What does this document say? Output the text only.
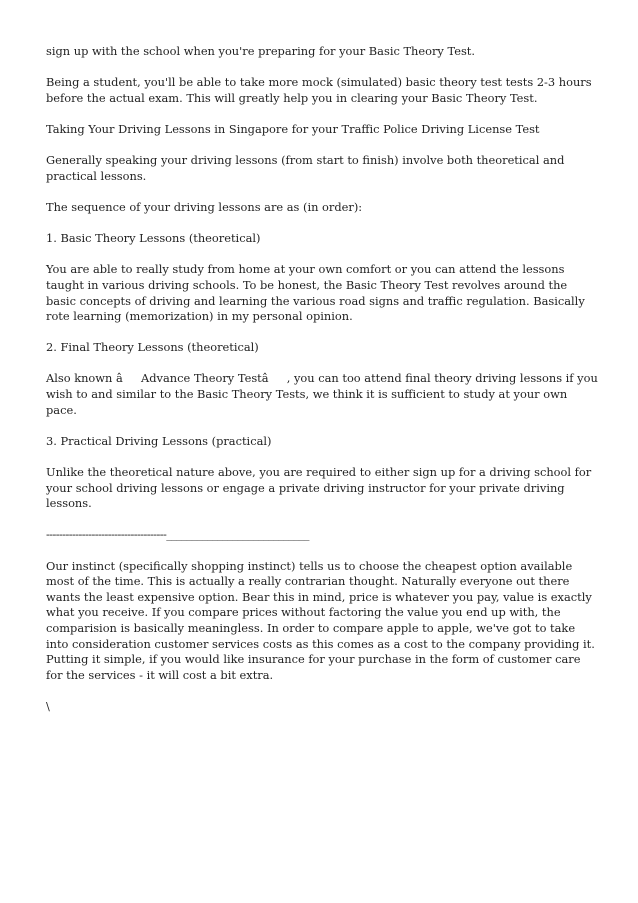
sign up with the school when you're preparing for your Basic Theory Test.

Being a student, you'll be able to take more mock (simulated) basic theory test tests 2-3 hours before the actual exam. This will greatly help you in clearing your Basic Theory Test.

Taking Your Driving Lessons in Singapore for your Traffic Police Driving License Test

Generally speaking your driving lessons (from start to finish) involve both theoretical and practical lessons.

The sequence of your driving lessons are as (in order):

1. Basic Theory Lessons (theoretical)

You are able to really study from home at your own comfort or you can attend the lessons taught in various driving schools. To be honest, the Basic Theory Test revolves around the basic concepts of driving and learning the various road signs and traffic regulation. Basically rote learning (memorization) in my personal opinion.

2. Final Theory Lessons (theoretical)

Also known âAdvance Theory Testâ, you can too attend final theory driving lessons if you wish to and similar to the Basic Theory Tests, we think it is sufficient to study at your own pace.

3. Practical Driving Lessons (practical)

Unlike the theoretical nature above, you are required to either sign up for a driving school for your school driving lessons or engage a private driving instructor for your private driving lessons.

-------------------------------------____________________________

Our instinct (specifically shopping instinct) tells us to choose the cheapest option available most of the time. This is actually a really contrarian thought. Naturally everyone out there wants the least expensive option. Bear this in mind, price is whatever you pay, value is exactly what you receive. If you compare prices without factoring the value you end up with, the comparision is basically meaningless. In order to compare apple to apple, we've got to take into consideration customer services costs as this comes as a cost to the company providing it. Putting it simple, if you would like insurance for your purchase in the form of customer care for the services - it will cost a bit extra.

\
